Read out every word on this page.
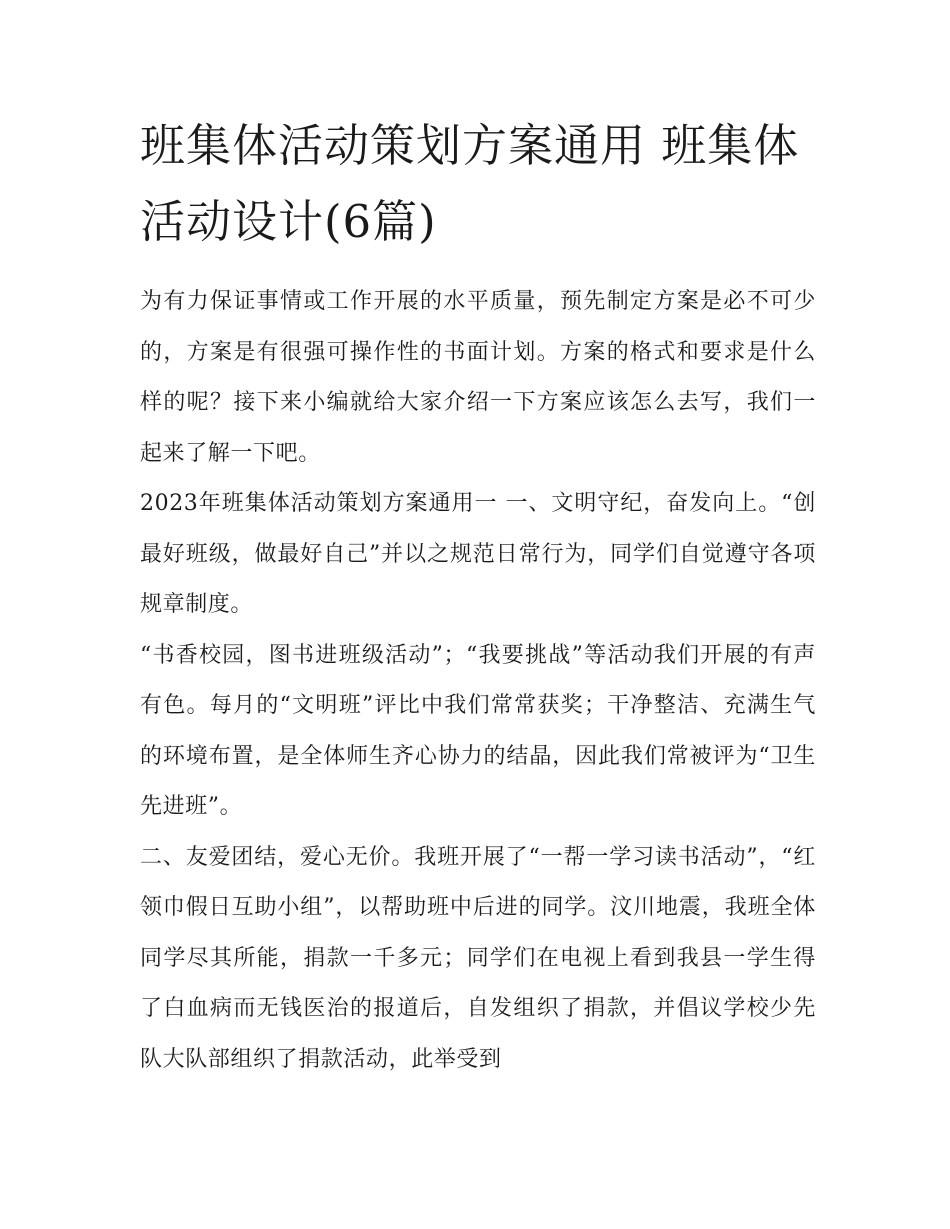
班集体活动策划方案通用 班集体活动设计(6篇)

为有力保证事情或工作开展的水平质量，预先制定方案是必不可少的，方案是有很强可操作性的书面计划。方案的格式和要求是什么样的呢？接下来小编就给大家介绍一下方案应该怎么去写，我们一起来了解一下吧。

2023年班集体活动策划方案通用一 一、文明守纪，奋发向上。“创最好班级，做最好自己”并以之规范日常行为，同学们自觉遵守各项规章制度。

“书香校园，图书进班级活动”；“我要挑战”等活动我们开展的有声有色。每月的“文明班”评比中我们常常获奖；干净整洁、充满生气的环境布置，是全体师生齐心协力的结晶，因此我们常被评为“卫生先进班”。

二、友爱团结，爱心无价。我班开展了“一帮一学习读书活动”，“红领巾假日互助小组”，以帮助班中后进的同学。汶川地震，我班全体同学尽其所能，捐款一千多元；同学们在电视上看到我县一学生得了白血病而无钱医治的报道后，自发组织了捐款，并倡议学校少先队大队部组织了捐款活动，此举受到
